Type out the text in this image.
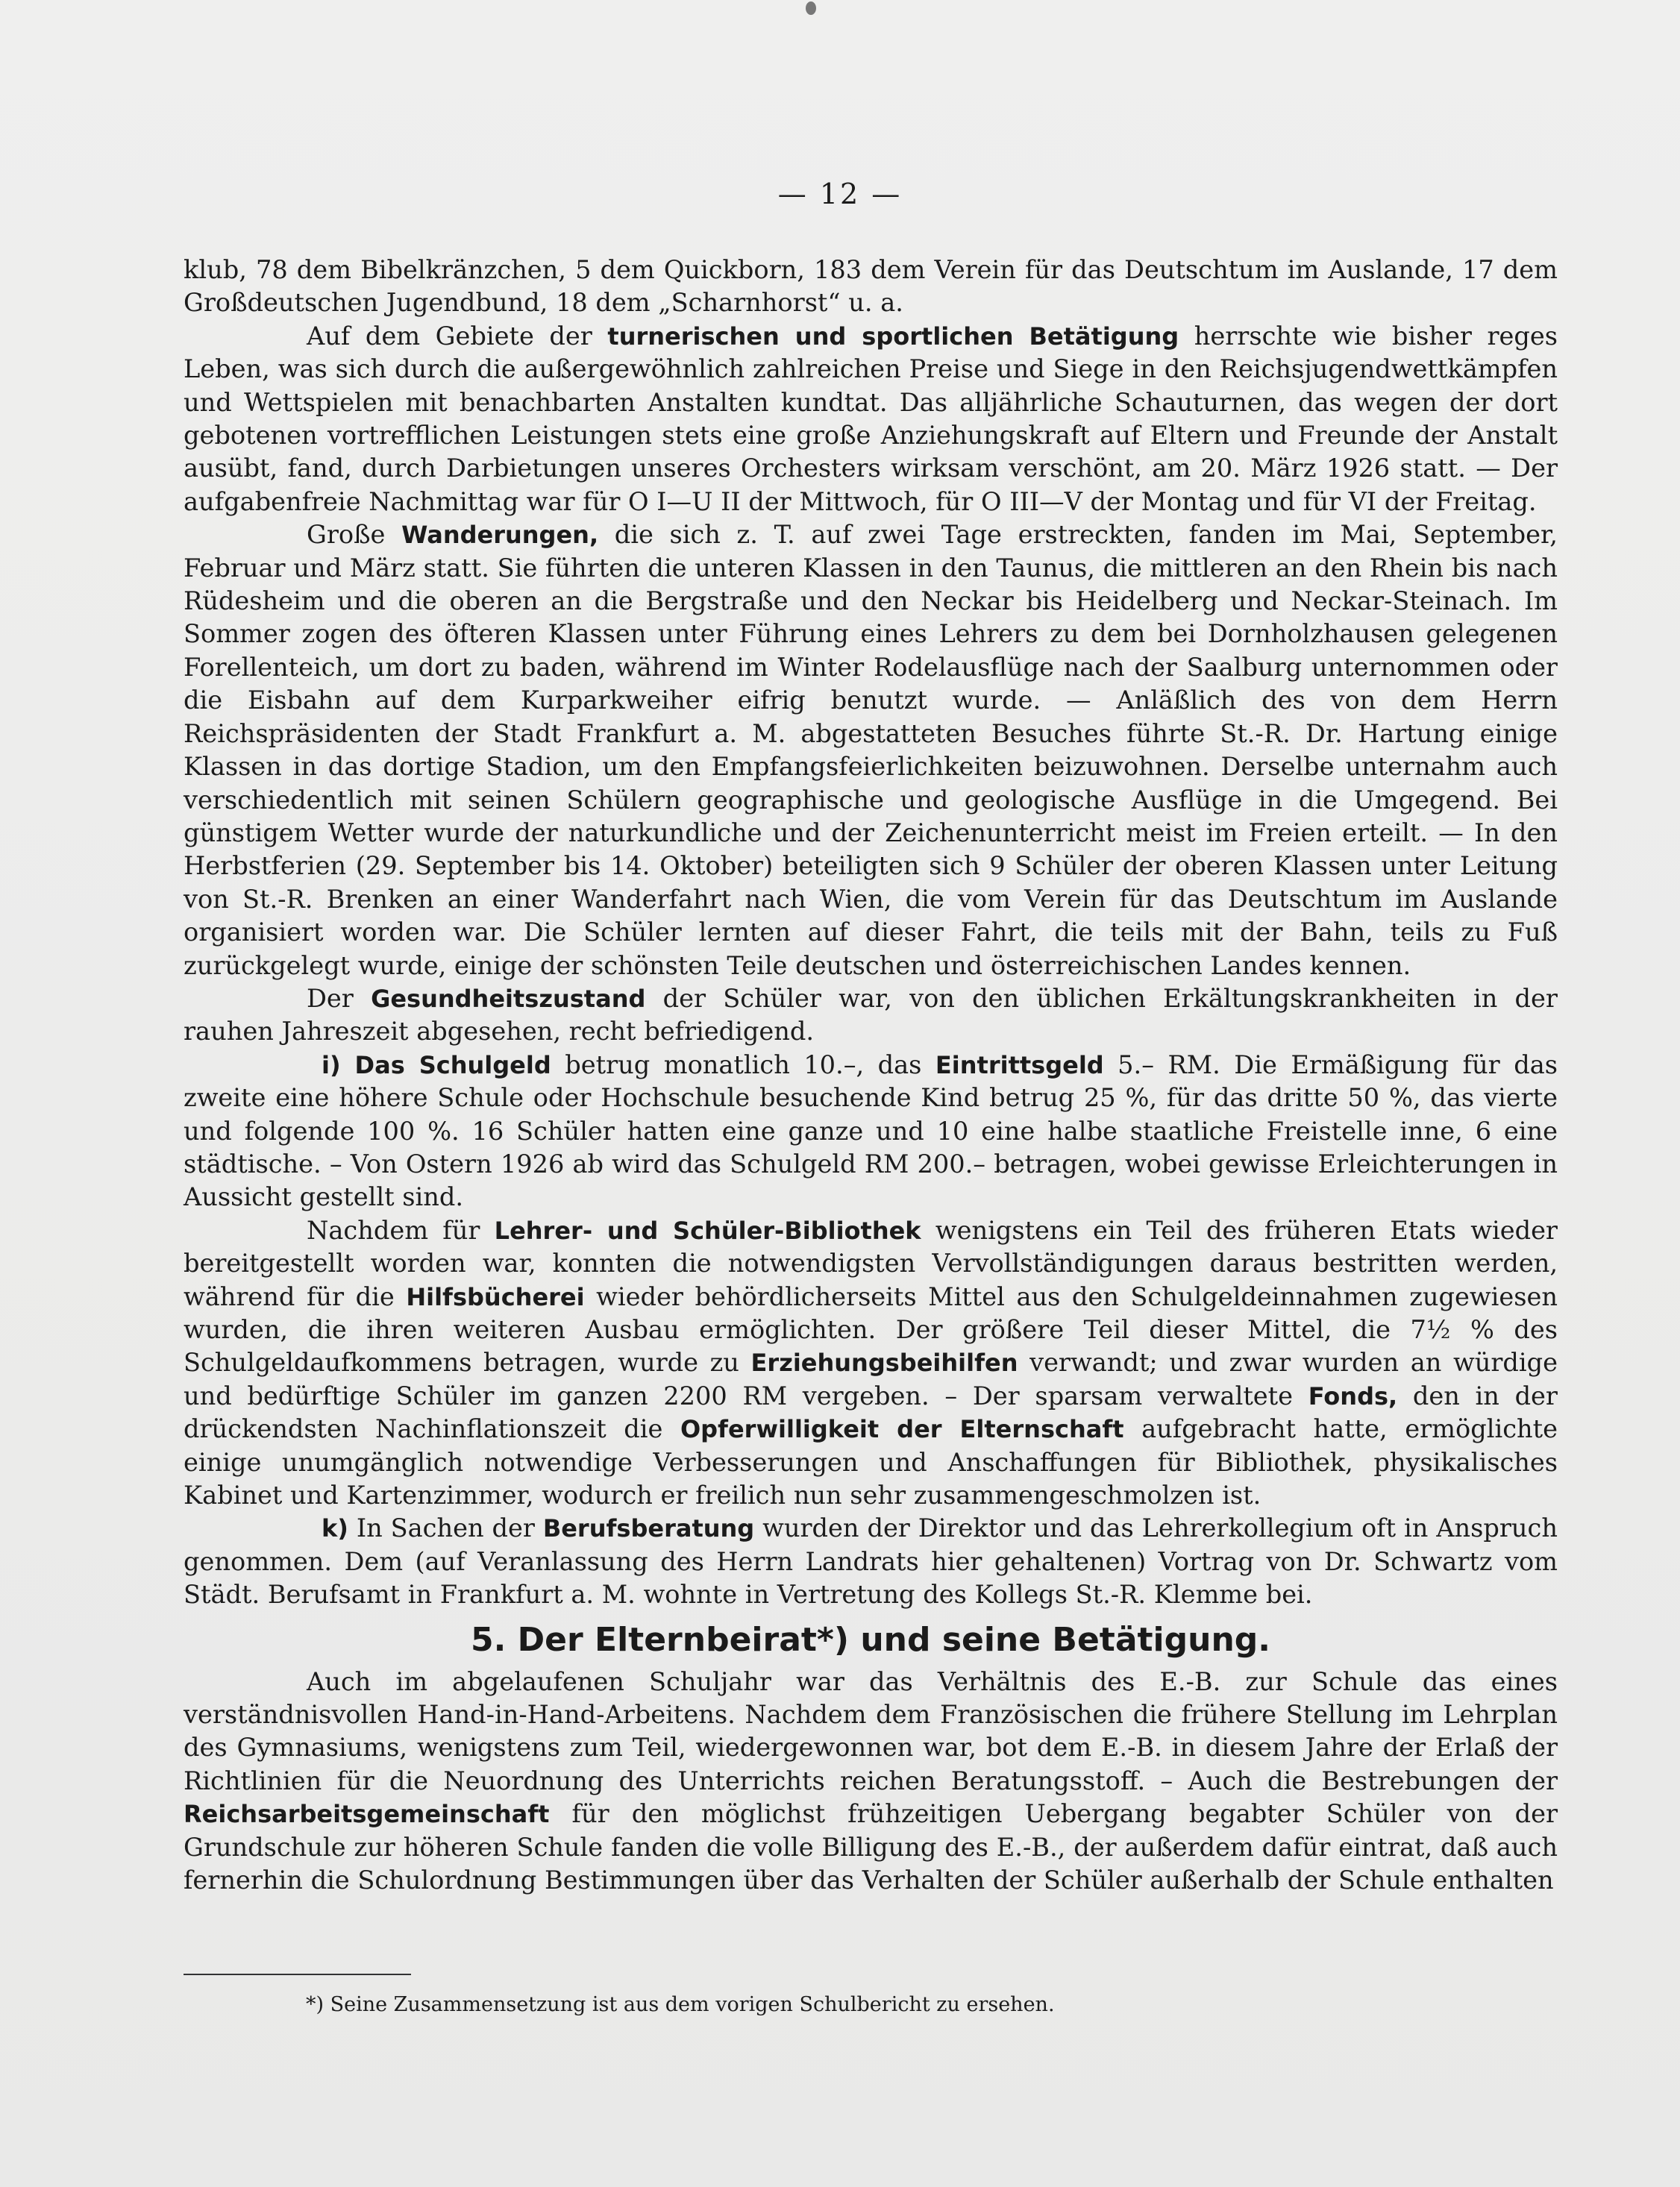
— 12 —

klub, 78 dem Bibelkränzchen, 5 dem Quickborn, 183 dem Verein für das Deutschtum im Auslande, 17 dem Großdeutschen Jugendbund, 18 dem „Scharnhorst“ u. a.

Auf dem Gebiete der turnerischen und sportlichen Betätigung herrschte wie bisher reges Leben, was sich durch die außergewöhnlich zahlreichen Preise und Siege in den Reichsjugendwettkämpfen und Wettspielen mit benachbarten Anstalten kundtat. Das alljährliche Schauturnen, das wegen der dort gebotenen vortrefflichen Leistungen stets eine große Anziehungskraft auf Eltern und Freunde der Anstalt ausübt, fand, durch Darbietungen unseres Orchesters wirksam verschönt, am 20. März 1926 statt. — Der aufgabenfreie Nachmittag war für O I—U II der Mittwoch, für O III—V der Montag und für VI der Freitag.

Große Wanderungen, die sich z. T. auf zwei Tage erstreckten, fanden im Mai, September, Februar und März statt. Sie führten die unteren Klassen in den Taunus, die mittleren an den Rhein bis nach Rüdesheim und die oberen an die Bergstraße und den Neckar bis Heidelberg und Neckar-Steinach. Im Sommer zogen des öfteren Klassen unter Führung eines Lehrers zu dem bei Dornholzhausen gelegenen Forellenteich, um dort zu baden, während im Winter Rodelausflüge nach der Saalburg unternommen oder die Eisbahn auf dem Kurparkweiher eifrig benutzt wurde. — Anläßlich des von dem Herrn Reichspräsidenten der Stadt Frankfurt a. M. abgestatteten Besuches führte St.-R. Dr. Hartung einige Klassen in das dortige Stadion, um den Empfangsfeierlichkeiten beizuwohnen. Derselbe unternahm auch verschiedentlich mit seinen Schülern geographische und geologische Ausflüge in die Umgegend. Bei günstigem Wetter wurde der naturkundliche und der Zeichenunterricht meist im Freien erteilt. — In den Herbstferien (29. September bis 14. Oktober) beteiligten sich 9 Schüler der oberen Klassen unter Leitung von St.-R. Brenken an einer Wanderfahrt nach Wien, die vom Verein für das Deutschtum im Auslande organisiert worden war. Die Schüler lernten auf dieser Fahrt, die teils mit der Bahn, teils zu Fuß zurückgelegt wurde, einige der schönsten Teile deutschen und österreichischen Landes kennen.

Der Gesundheitszustand der Schüler war, von den üblichen Erkältungskrankheiten in der rauhen Jahreszeit abgesehen, recht befriedigend.

i) Das Schulgeld betrug monatlich 10.–, das Eintrittsgeld 5.– RM. Die Ermäßigung für das zweite eine höhere Schule oder Hochschule besuchende Kind betrug 25 %, für das dritte 50 %, das vierte und folgende 100 %. 16 Schüler hatten eine ganze und 10 eine halbe staatliche Freistelle inne, 6 eine städtische. – Von Ostern 1926 ab wird das Schulgeld RM 200.– betragen, wobei gewisse Erleichterungen in Aussicht gestellt sind.

Nachdem für Lehrer- und Schüler-Bibliothek wenigstens ein Teil des früheren Etats wieder bereitgestellt worden war, konnten die notwendigsten Vervollständigungen daraus bestritten werden, während für die Hilfsbücherei wieder behördlicherseits Mittel aus den Schulgeldeinnahmen zugewiesen wurden, die ihren weiteren Ausbau ermöglichten. Der größere Teil dieser Mittel, die 7½ % des Schulgeldaufkommens betragen, wurde zu Erziehungsbeihilfen verwandt; und zwar wurden an würdige und bedürftige Schüler im ganzen 2200 RM vergeben. – Der sparsam verwaltete Fonds, den in der drückendsten Nachinflationszeit die Opferwilligkeit der Elternschaft aufgebracht hatte, ermöglichte einige unumgänglich notwendige Verbesserungen und Anschaffungen für Bibliothek, physikalisches Kabinet und Kartenzimmer, wodurch er freilich nun sehr zusammengeschmolzen ist.

k) In Sachen der Berufsberatung wurden der Direktor und das Lehrerkollegium oft in Anspruch genommen. Dem (auf Veranlassung des Herrn Landrats hier gehaltenen) Vortrag von Dr. Schwartz vom Städt. Berufsamt in Frankfurt a. M. wohnte in Vertretung des Kollegs St.-R. Klemme bei.

5. Der Elternbeirat*) und seine Betätigung.

Auch im abgelaufenen Schuljahr war das Verhältnis des E.-B. zur Schule das eines verständnisvollen Hand-in-Hand-Arbeitens. Nachdem dem Französischen die frühere Stellung im Lehrplan des Gymnasiums, wenigstens zum Teil, wiedergewonnen war, bot dem E.-B. in diesem Jahre der Erlaß der Richtlinien für die Neuordnung des Unterrichts reichen Beratungsstoff. – Auch die Bestrebungen der Reichsarbeitsgemeinschaft für den möglichst frühzeitigen Uebergang begabter Schüler von der Grundschule zur höheren Schule fanden die volle Billigung des E.-B., der außerdem dafür eintrat, daß auch fernerhin die Schulordnung Bestimmungen über das Verhalten der Schüler außerhalb der Schule enthalten

*) Seine Zusammensetzung ist aus dem vorigen Schulbericht zu ersehen.
